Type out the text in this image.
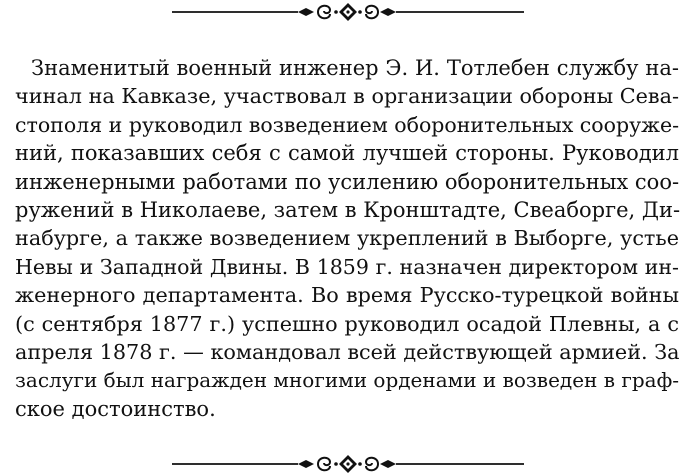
Знаменитый военный инженер Э. И. Тотлебен службу на-
чинал на Кавказе, участвовал в организации обороны Сева-
стополя и руководил возведением оборонительных сооруже-
ний, показавших себя с самой лучшей стороны. Руководил
инженерными работами по усилению оборонительных соо-
ружений в Николаеве, затем в Кронштадте, Свеаборге, Ди-
набурге, а также возведением укреплений в Выборге, устье
Невы и Западной Двины. В 1859 г. назначен директором ин-
женерного департамента. Во время Русско-турецкой войны
(с сентября 1877 г.) успешно руководил осадой Плевны, а с
апреля 1878 г. — командовал всей действующей армией. За
заслуги был награжден многими орденами и возведен в граф-
ское достоинство.
